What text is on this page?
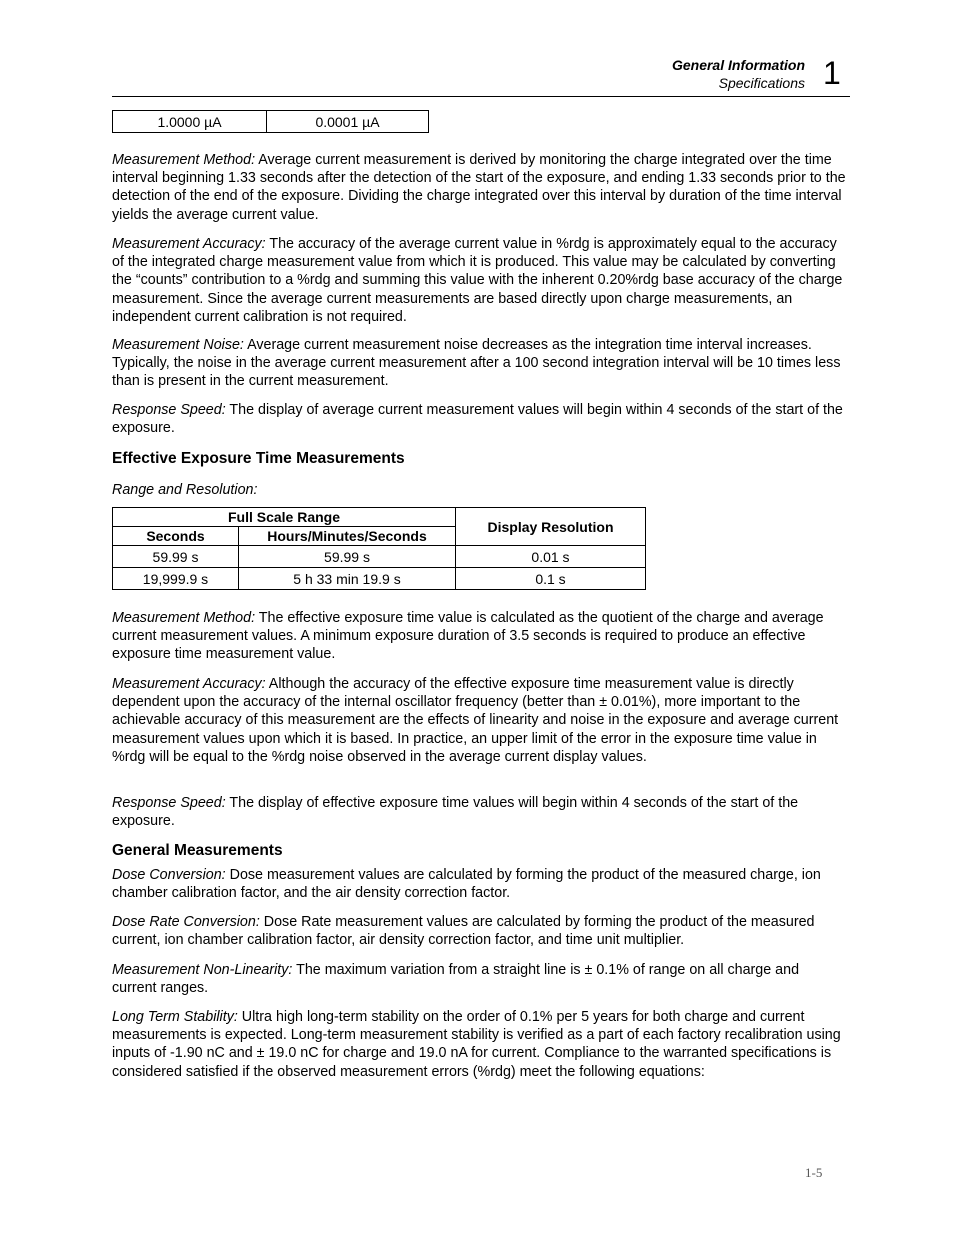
General Information
Specifications 1
1.0000 µA	0.0001 µA

Measurement Method: Average current measurement is derived by monitoring the charge integrated over the time interval beginning 1.33 seconds after the detection of the start of the exposure, and ending 1.33 seconds prior to the detection of the end of the exposure. Dividing the charge integrated over this interval by duration of the time interval yields the average current value.

Measurement Accuracy: The accuracy of the average current value in %rdg is approximately equal to the accuracy of the integrated charge measurement value from which it is produced. This value may be calculated by converting the “counts” contribution to a %rdg and summing this value with the inherent 0.20%rdg base accuracy of the charge measurement. Since the average current measurements are based directly upon charge measurements, an independent current calibration is not required.

Measurement Noise: Average current measurement noise decreases as the integration time interval increases. Typically, the noise in the average current measurement after a 100 second integration interval will be 10 times less than is present in the current measurement.

Response Speed: The display of average current measurement values will begin within 4 seconds of the start of the exposure.

Effective Exposure Time Measurements

Range and Resolution:

Full Scale Range		Display Resolution
Seconds	Hours/Minutes/Seconds	
59.99 s	59.99 s	0.01 s
19,999.9 s	5 h 33 min 19.9 s	0.1 s

Measurement Method: The effective exposure time value is calculated as the quotient of the charge and average current measurement values. A minimum exposure duration of 3.5 seconds is required to produce an effective exposure time measurement value.

Measurement Accuracy: Although the accuracy of the effective exposure time measurement value is directly dependent upon the accuracy of the internal oscillator frequency (better than ± 0.01%), more important to the achievable accuracy of this measurement are the effects of linearity and noise in the exposure and average current measurement values upon which it is based. In practice, an upper limit of the error in the exposure time value in %rdg will be equal to the %rdg noise observed in the average current display values.

Response Speed: The display of effective exposure time values will begin within 4 seconds of the start of the exposure.

General Measurements

Dose Conversion: Dose measurement values are calculated by forming the product of the measured charge, ion chamber calibration factor, and the air density correction factor.

Dose Rate Conversion: Dose Rate measurement values are calculated by forming the product of the measured current, ion chamber calibration factor, air density correction factor, and time unit multiplier.

Measurement Non-Linearity: The maximum variation from a straight line is ± 0.1% of range on all charge and current ranges.

Long Term Stability: Ultra high long-term stability on the order of 0.1% per 5 years for both charge and current measurements is expected. Long-term measurement stability is verified as a part of each factory recalibration using inputs of -1.90 nC and ± 19.0 nC for charge and 19.0 nA for current. Compliance to the warranted specifications is considered satisfied if the observed measurement errors (%rdg) meet the following equations:

1-5
